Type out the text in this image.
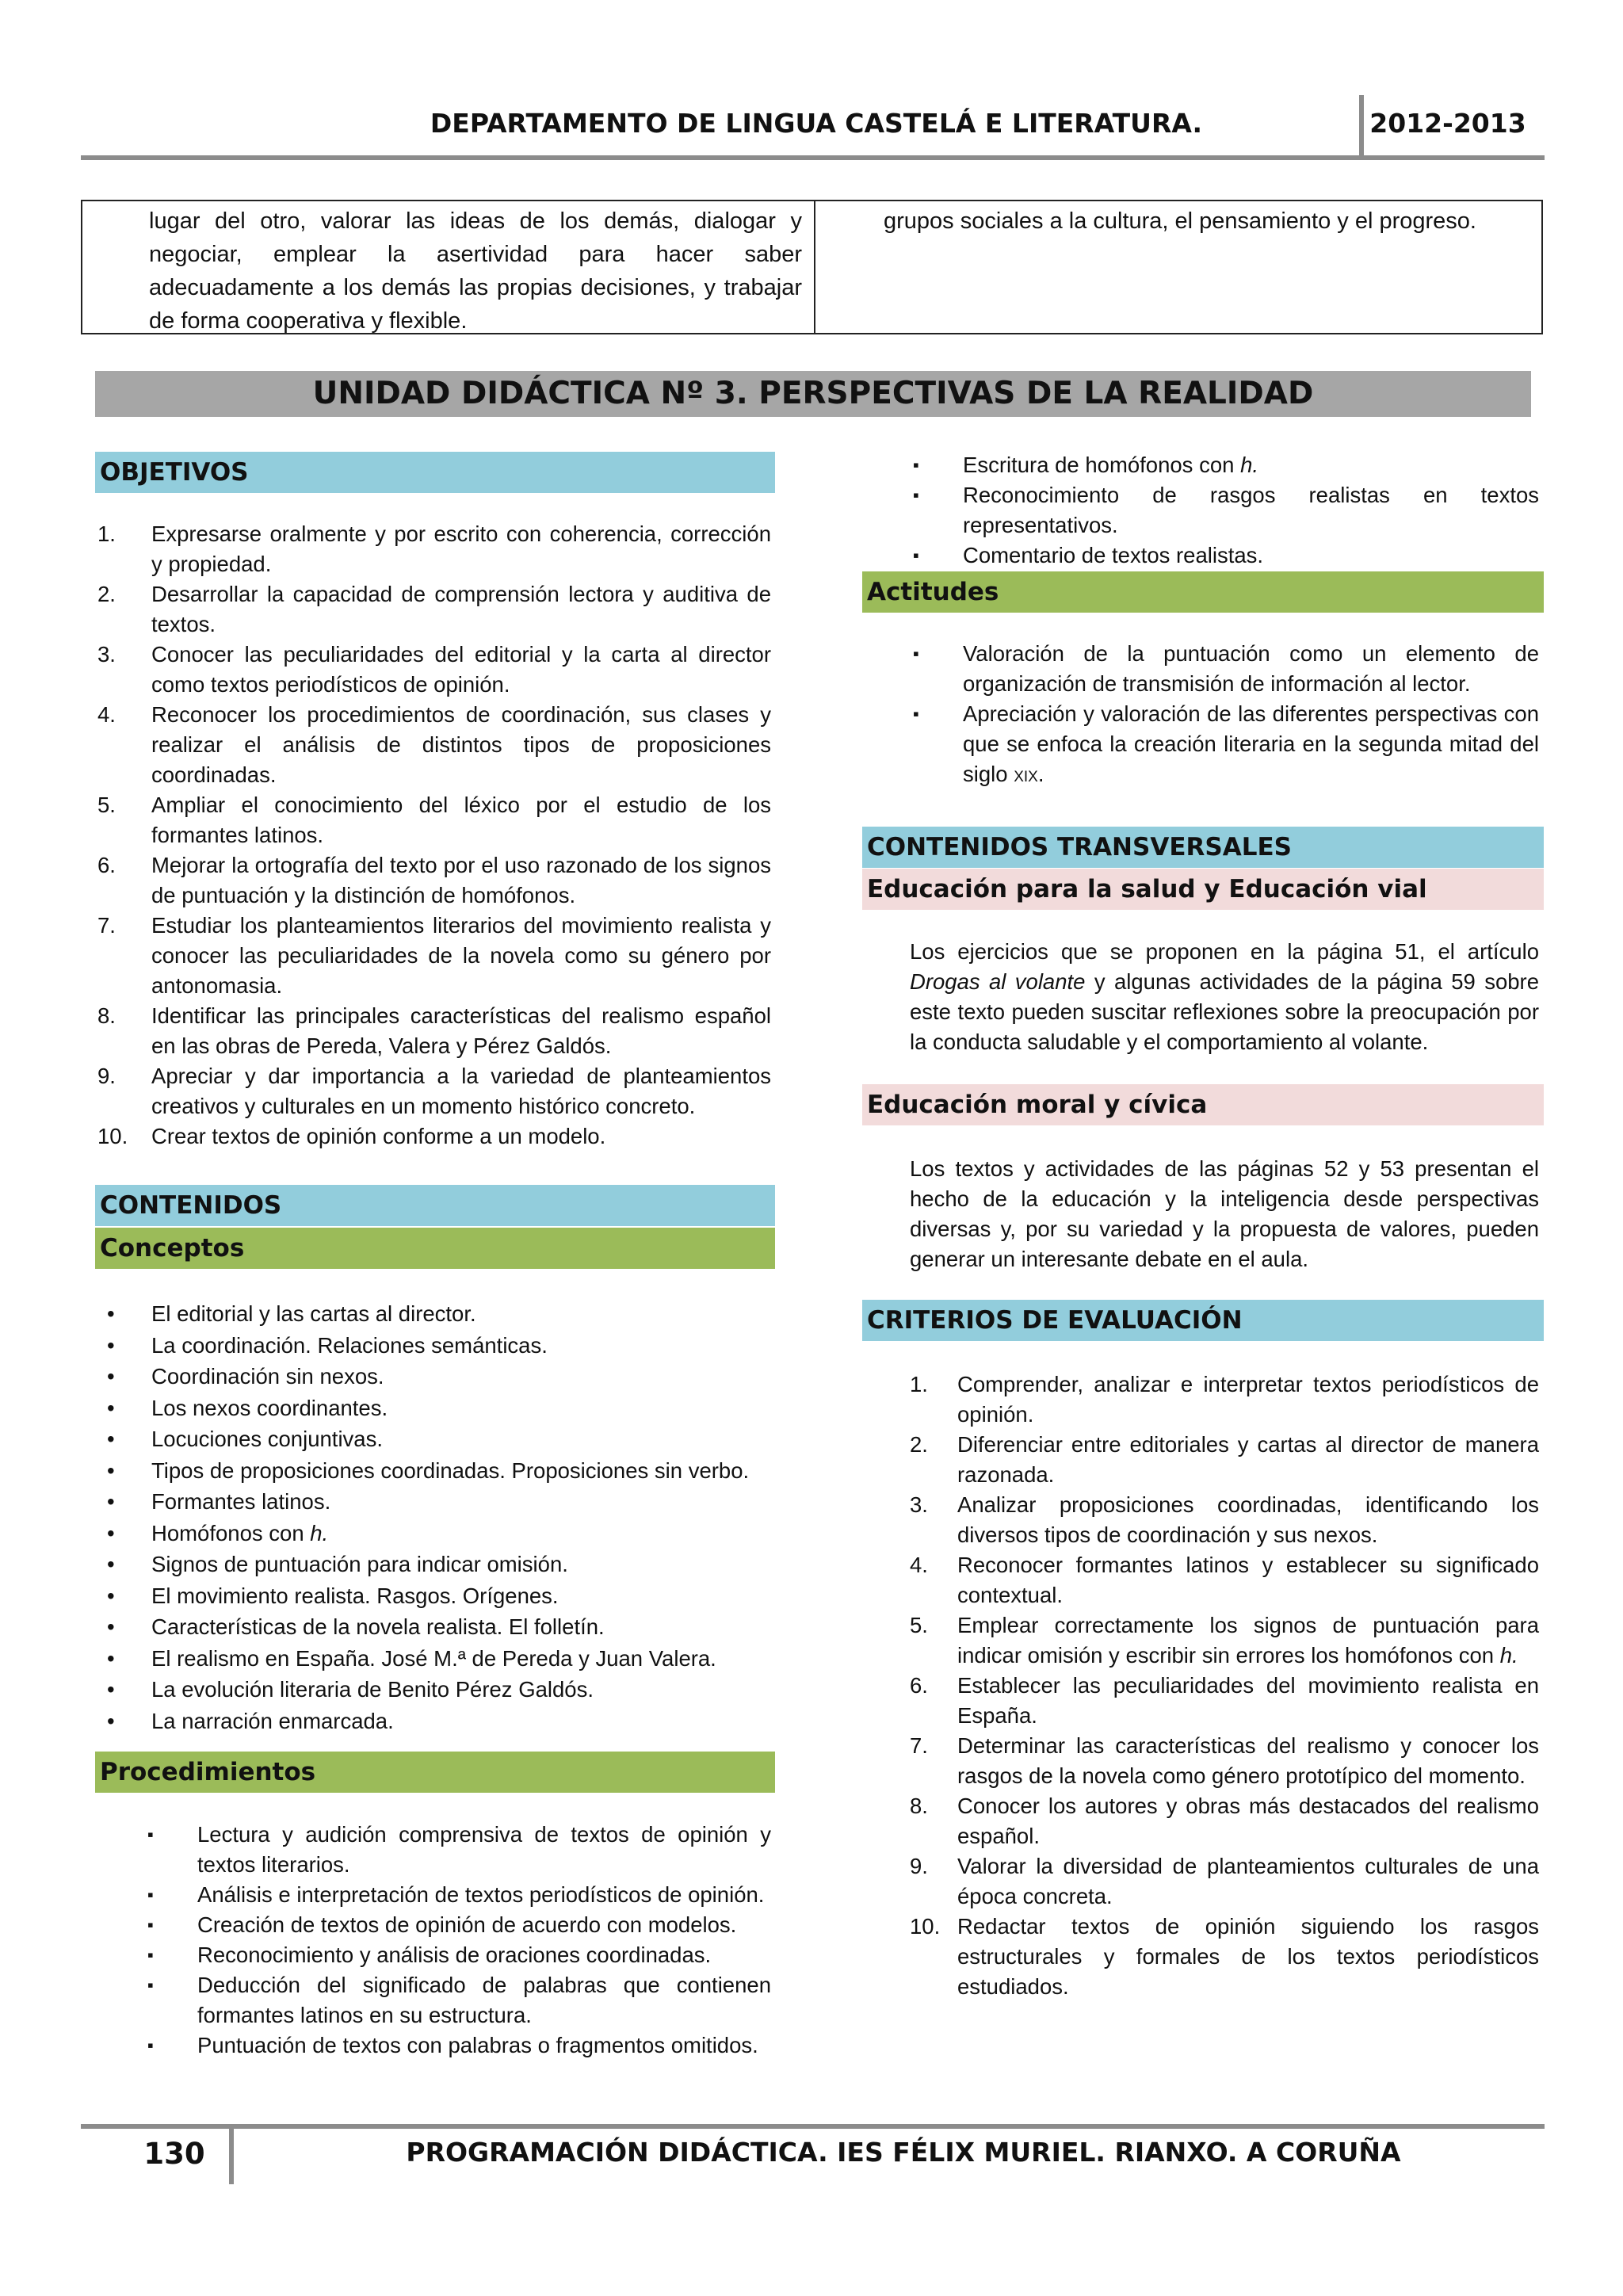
DEPARTAMENTO DE LINGUA CASTELÁ E LITERATURA.	2012-2013
lugar del otro, valorar las ideas de los demás, dialogar y negociar, emplear la asertividad para hacer saber adecuadamente a los demás las propias decisiones, y trabajar de forma cooperativa y flexible.
grupos sociales a la cultura, el pensamiento y el progreso.
UNIDAD DIDÁCTICA Nº 3. PERSPECTIVAS DE LA REALIDAD
OBJETIVOS
1. Expresarse oralmente y por escrito con coherencia, corrección y propiedad.
2. Desarrollar la capacidad de comprensión lectora y auditiva de textos.
3. Conocer las peculiaridades del editorial y la carta al director como textos periodísticos de opinión.
4. Reconocer los procedimientos de coordinación, sus clases y realizar el análisis de distintos tipos de proposiciones coordinadas.
5. Ampliar el conocimiento del léxico por el estudio de los formantes latinos.
6. Mejorar la ortografía del texto por el uso razonado de los signos de puntuación y la distinción de homófonos.
7. Estudiar los planteamientos literarios del movimiento realista y conocer las peculiaridades de la novela como su género por antonomasia.
8. Identificar las principales características del realismo español en las obras de Pereda, Valera y Pérez Galdós.
9. Apreciar y dar importancia a la variedad de planteamientos creativos y culturales en un momento histórico concreto.
10. Crear textos de opinión conforme a un modelo.
CONTENIDOS
Conceptos
• El editorial y las cartas al director.
• La coordinación. Relaciones semánticas.
• Coordinación sin nexos.
• Los nexos coordinantes.
• Locuciones conjuntivas.
• Tipos de proposiciones coordinadas. Proposiciones sin verbo.
• Formantes latinos.
• Homófonos con h.
• Signos de puntuación para indicar omisión.
• El movimiento realista. Rasgos. Orígenes.
• Características de la novela realista. El folletín.
• El realismo en España. José M.ª de Pereda y Juan Valera.
• La evolución literaria de Benito Pérez Galdós.
• La narración enmarcada.
Procedimientos
▪ Lectura y audición comprensiva de textos de opinión y textos literarios.
▪ Análisis e interpretación de textos periodísticos de opinión.
▪ Creación de textos de opinión de acuerdo con modelos.
▪ Reconocimiento y análisis de oraciones coordinadas.
▪ Deducción del significado de palabras que contienen formantes latinos en su estructura.
▪ Puntuación de textos con palabras o fragmentos omitidos.
▪ Escritura de homófonos con h.
▪ Reconocimiento de rasgos realistas en textos representativos.
▪ Comentario de textos realistas.
Actitudes
▪ Valoración de la puntuación como un elemento de organización de transmisión de información al lector.
▪ Apreciación y valoración de las diferentes perspectivas con que se enfoca la creación literaria en la segunda mitad del siglo XIX.
CONTENIDOS TRANSVERSALES
Educación para la salud y Educación vial
Los ejercicios que se proponen en la página 51, el artículo Drogas al volante y algunas actividades de la página 59 sobre este texto pueden suscitar reflexiones sobre la preocupación por la conducta saludable y el comportamiento al volante.
Educación moral y cívica
Los textos y actividades de las páginas 52 y 53 presentan el hecho de la educación y la inteligencia desde perspectivas diversas y, por su variedad y la propuesta de valores, pueden generar un interesante debate en el aula.
CRITERIOS DE EVALUACIÓN
1. Comprender, analizar e interpretar textos periodísticos de opinión.
2. Diferenciar entre editoriales y cartas al director de manera razonada.
3. Analizar proposiciones coordinadas, identificando los diversos tipos de coordinación y sus nexos.
4. Reconocer formantes latinos y establecer su significado contextual.
5. Emplear correctamente los signos de puntuación para indicar omisión y escribir sin errores los homófonos con h.
6. Establecer las peculiaridades del movimiento realista en España.
7. Determinar las características del realismo y conocer los rasgos de la novela como género prototípico del momento.
8. Conocer los autores y obras más destacados del realismo español.
9. Valorar la diversidad de planteamientos culturales de una época concreta.
10. Redactar textos de opinión siguiendo los rasgos estructurales y formales de los textos periodísticos estudiados.
130	PROGRAMACIÓN DIDÁCTICA. IES FÉLIX MURIEL. RIANXO. A CORUÑA
